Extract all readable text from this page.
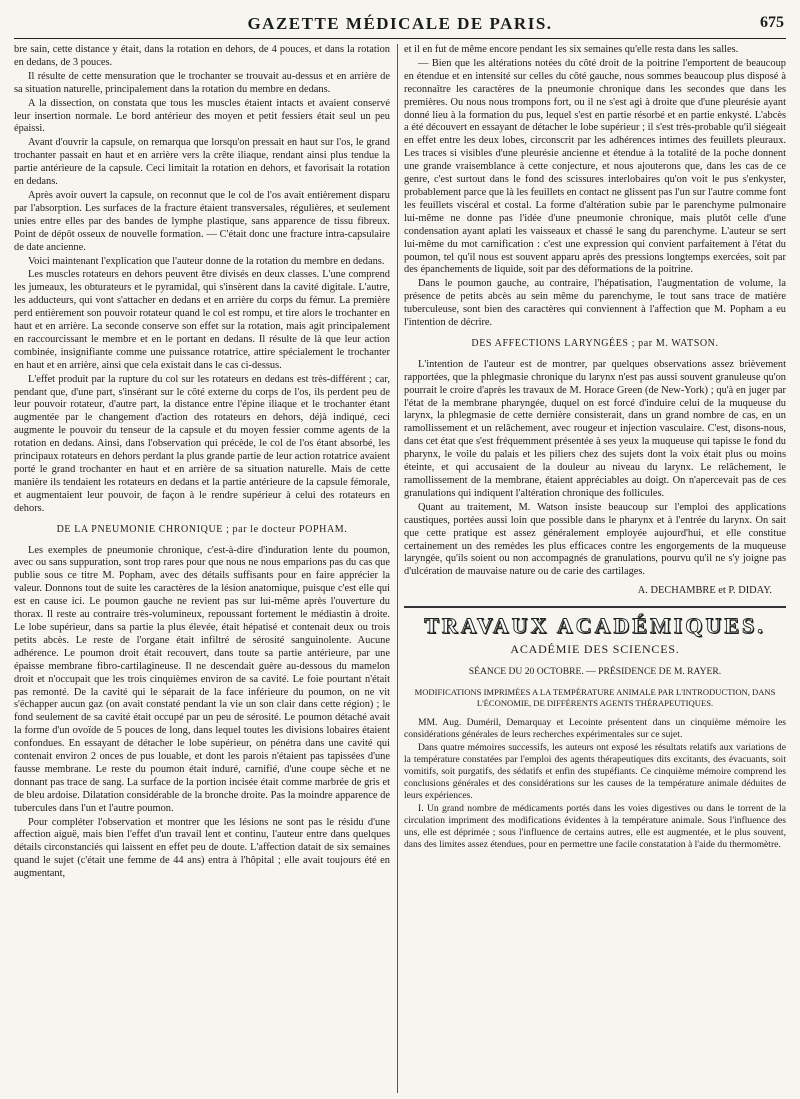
GAZETTE MÉDICALE DE PARIS.	675

bre sain, cette distance y était, dans la rotation en dehors, de 4 pouces, et dans la rotation en dedans, de 3 pouces.

Il résulte de cette mensuration que le trochanter se trouvait au-dessus et en arrière de sa situation naturelle, principalement dans la rotation du membre en dedans.

A la dissection, on constata que tous les muscles étaient intacts et avaient conservé leur insertion normale. Le bord antérieur des moyen et petit fessiers était seul un peu épaissi.

Avant d'ouvrir la capsule, on remarqua que lorsqu'on pressait en haut sur l'os, le grand trochanter passait en haut et en arrière vers la crête iliaque, rendant ainsi plus tendue la partie antérieure de la capsule. Ceci limitait la rotation en dehors, et favorisait la rotation en dedans.

Après avoir ouvert la capsule, on reconnut que le col de l'os avait entièrement disparu par l'absorption. Les surfaces de la fracture étaient transversales, régulières, et seulement unies entre elles par des bandes de lymphe plastique, sans apparence de tissu fibreux. Point de dépôt osseux de nouvelle formation. — C'était donc une fracture intra-capsulaire de date ancienne.

Voici maintenant l'explication que l'auteur donne de la rotation du membre en dedans.

Les muscles rotateurs en dehors peuvent être divisés en deux classes. L'une comprend les jumeaux, les obturateurs et le pyramidal, qui s'insèrent dans la cavité digitale. L'autre, les adducteurs, qui vont s'attacher en dedans et en arrière du corps du fémur. La première perd entièrement son pouvoir rotateur quand le col est rompu, et tire alors le trochanter en haut et en arrière. La seconde conserve son effet sur la rotation, mais agit principalement en raccourcissant le membre et en le portant en dedans. Il résulte de là que leur action combinée, insignifiante comme une puissance rotatrice, attire spécialement le trochanter en haut et en arrière, ainsi que cela existait dans le cas ci-dessus.

L'effet produit par la rupture du col sur les rotateurs en dedans est très-différent ; car, pendant que, d'une part, s'insérant sur le côté externe du corps de l'os, ils perdent peu de leur pouvoir rotateur, d'autre part, la distance entre l'épine iliaque et le trochanter étant augmentée par le changement d'action des rotateurs en dehors, déjà indiqué, ceci augmente le pouvoir du tenseur de la capsule et du moyen fessier comme agents de la rotation en dedans. Ainsi, dans l'observation qui précède, le col de l'os étant absorbé, les principaux rotateurs en dehors perdant la plus grande partie de leur action rotatrice avaient porté le grand trochanter en haut et en arrière de sa situation naturelle. Mais de cette manière ils tendaient les rotateurs en dedans et la partie antérieure de la capsule fémorale, et augmentaient leur pouvoir, de façon à le rendre supérieur à celui des rotateurs en dehors.

DE LA PNEUMONIE CHRONIQUE ; par le docteur POPHAM.

Les exemples de pneumonie chronique, c'est-à-dire d'induration lente du poumon, avec ou sans suppuration, sont trop rares pour que nous ne nous emparions pas du cas que publie sous ce titre M. Popham, avec des détails suffisants pour en faire apprécier la valeur. Donnons tout de suite les caractères de la lésion anatomique, puisque c'est elle qui est en cause ici. Le poumon gauche ne revient pas sur lui-même après l'ouverture du thorax. Il reste au contraire très-volumineux, repoussant fortement le médiastin à droite. Le lobe supérieur, dans sa partie la plus élevée, était hépatisé et contenait deux ou trois petits abcès. Le reste de l'organe était infiltré de sérosité sanguinolente. Aucune adhérence. Le poumon droit était recouvert, dans toute sa partie antérieure, par une épaisse membrane fibro-cartilagineuse. Il ne descendait guère au-dessous du mamelon droit et n'occupait que les trois cinquièmes environ de sa cavité. Le foie pourtant n'était pas remonté. De la cavité qui le séparait de la face inférieure du poumon, on ne vit s'échapper aucun gaz (on avait constaté pendant la vie un son clair dans cette région) ; le fond seulement de sa cavité était occupé par un peu de sérosité. Le poumon détaché avait la forme d'un ovoïde de 5 pouces de long, dans lequel toutes les divisions lobaires étaient confondues. En essayant de détacher le lobe supérieur, on pénétra dans une cavité qui contenait environ 2 onces de pus louable, et dont les parois n'étaient pas tapissées d'une fausse membrane. Le reste du poumon était induré, carnifié, d'une coupe sèche et ne donnant pas trace de sang. La surface de la portion incisée était comme marbrée de gris et de bleu ardoise. Dilatation considérable de la bronche droite. Pas la moindre apparence de tubercules dans l'un et l'autre poumon.

Pour compléter l'observation et montrer que les lésions ne sont pas le résidu d'une affection aiguë, mais bien l'effet d'un travail lent et continu, l'auteur entre dans quelques détails circonstanciés qui laissent en effet peu de doute. L'affection datait de six semaines quand le sujet (c'était une femme de 44 ans) entra à l'hôpital ; elle avait toujours été en augmentant,

et il en fut de même encore pendant les six semaines qu'elle resta dans les salles.

— Bien que les altérations notées du côté droit de la poitrine l'emportent de beaucoup en étendue et en intensité sur celles du côté gauche, nous sommes beaucoup plus disposé à reconnaître les caractères de la pneumonie chronique dans les secondes que dans les premières. Ou nous nous trompons fort, ou il ne s'est agi à droite que d'une pleurésie ayant donné lieu à la formation du pus, lequel s'est en partie résorbé et en partie enkysté. L'abcès a été découvert en essayant de détacher le lobe supérieur ; il s'est très-probable qu'il siégeait en effet entre les deux lobes, circonscrit par les adhérences intimes des feuillets pleuraux. Les traces si visibles d'une pleurésie ancienne et étendue à la totalité de la poche donnent une grande vraisemblance à cette conjecture, et nous ajouterons que, dans les cas de ce genre, c'est surtout dans le fond des scissures interlobaires qu'on voit le pus s'enkyster, probablement parce que là les feuillets en contact ne glissent pas l'un sur l'autre comme font les feuillets viscéral et costal. La forme d'altération subie par le parenchyme pulmonaire lui-même ne donne pas l'idée d'une pneumonie chronique, mais plutôt celle d'une condensation ayant aplati les vaisseaux et chassé le sang du parenchyme. L'auteur se sert lui-même du mot carnification : c'est une expression qui convient parfaitement à l'état du poumon, tel qu'il nous est souvent apparu après des pressions longtemps exercées, soit par des épanchements de liquide, soit par des déformations de la poitrine.

Dans le poumon gauche, au contraire, l'hépatisation, l'augmentation de volume, la présence de petits abcès au sein même du parenchyme, le tout sans trace de matière tuberculeuse, sont bien des caractères qui conviennent à l'affection que M. Popham a eu l'intention de décrire.

DES AFFECTIONS LARYNGÉES ; par M. WATSON.

L'intention de l'auteur est de montrer, par quelques observations assez brièvement rapportées, que la phlegmasie chronique du larynx n'est pas aussi souvent granuleuse qu'on pourrait le croire d'après les travaux de M. Horace Green (de New-York) ; qu'à en juger par l'état de la membrane pharyngée, duquel on est forcé d'induire celui de la muqueuse du larynx, la phlegmasie de cette dernière consisterait, dans un grand nombre de cas, en un ramollissement et un relâchement, avec rougeur et injection vasculaire. C'est, disons-nous, dans cet état que s'est fréquemment présentée à ses yeux la muqueuse qui tapisse le fond du pharynx, le voile du palais et les piliers chez des sujets dont la voix était plus ou moins éteinte, et qui accusaient de la douleur au niveau du larynx. Le relâchement, le ramollissement de la membrane, étaient appréciables au doigt. On n'apercevait pas de ces granulations qui indiquent l'altération chronique des follicules.

Quant au traitement, M. Watson insiste beaucoup sur l'emploi des applications caustiques, portées aussi loin que possible dans le pharynx et à l'entrée du larynx. On sait que cette pratique est assez généralement employée aujourd'hui, et elle constitue certainement un des remèdes les plus efficaces contre les engorgements de la muqueuse laryngée, qu'ils soient ou non accompagnés de granulations, pourvu qu'il ne s'y joigne pas d'ulcération de mauvaise nature ou de carie des cartilages.

A. DECHAMBRE et P. DIDAY.
TRAVAUX ACADÉMIQUES.
ACADÉMIE DES SCIENCES.
SÉANCE DU 20 OCTOBRE. — PRÉSIDENCE DE M. RAYER.
MODIFICATIONS IMPRIMÉES A LA TEMPÉRATURE ANIMALE PAR L'INTRODUCTION, DANS L'ÉCONOMIE, DE DIFFÉRENTS AGENTS THÉRAPEUTIQUES.

MM. Aug. Duméril, Demarquay et Lecointe présentent dans un cinquième mémoire les considérations générales de leurs recherches expérimentales sur ce sujet.

Dans quatre mémoires successifs, les auteurs ont exposé les résultats relatifs aux variations de la température constatées par l'emploi des agents thérapeutiques dits excitants, des évacuants, soit vomitifs, soit purgatifs, des sédatifs et enfin des stupéfiants. Ce cinquième mémoire comprend les conclusions générales et des considérations sur les causes de la température animale déduites de leurs expériences.

I. Un grand nombre de médicaments portés dans les voies digestives ou dans le torrent de la circulation impriment des modifications évidentes à la température animale. Sous l'influence des uns, elle est déprimée ; sous l'influence de certains autres, elle est augmentée, et le plus souvent, dans des limites assez étendues, pour en permettre une facile constatation à l'aide du thermomètre.
